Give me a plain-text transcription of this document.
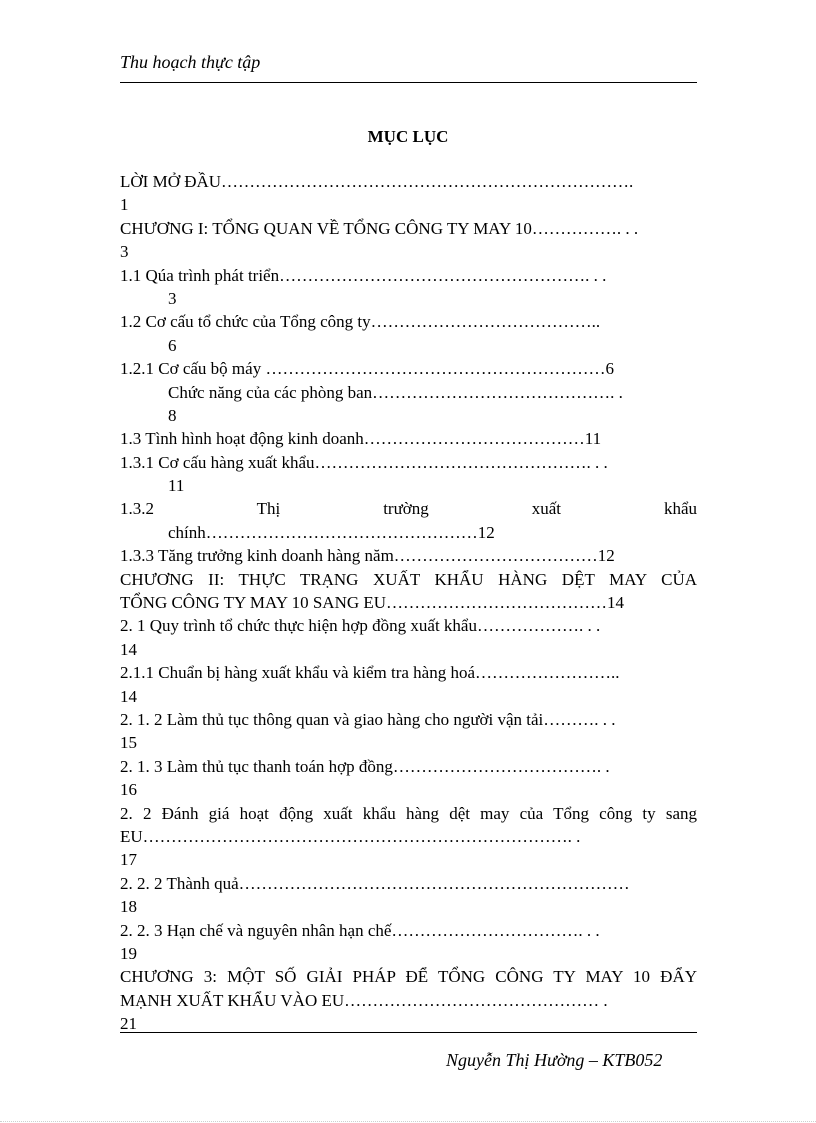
Thu hoạch thực tập
MỤC LỤC
LỜI MỞ ĐẦU……………………………………………………………….
1
CHƯƠNG I: TỔNG QUAN VỀ TỔNG CÔNG TY MAY 10……………. . .
3
1.1 Qúa trình phát triển………………………………………………. . .
3
1.2 Cơ cấu tổ chức của Tổng công ty…………………………………..
6
1.2.1 Cơ cấu bộ máy ……………………………………………………6
Chức năng của các phòng ban……………………………………. .
8
1.3 Tình hình hoạt động kinh doanh…………………………………11
1.3.1 Cơ cấu hàng xuất khẩu…………………………………………. . .
11
1.3.2 Thị trường xuất khẩu
chính…………………………………………12
1.3.3 Tăng trưởng kinh doanh hàng năm………………………………12
CHƯƠNG II: THỰC TRẠNG XUẤT KHẨU HÀNG DỆT MAY CỦA
TỔNG CÔNG TY MAY 10 SANG EU…………………………………14
2. 1 Quy trình tổ chức thực hiện hợp đồng xuất khẩu………………. . .
14
2.1.1 Chuẩn bị hàng xuất khẩu và kiểm tra hàng hoá……………………..
14
2. 1. 2 Làm thủ tục thông quan và giao hàng cho người vận tải………. . .
15
2. 1. 3 Làm thủ tục thanh toán hợp đồng………………………………. .
16
2. 2 Đánh giá hoạt động xuất khẩu hàng dệt may của Tổng công ty sang
EU…………………………………………………………………. .
17
2. 2. 2 Thành quả……………………………………………………………
18
2. 2. 3 Hạn chế và nguyên nhân hạn chế……………………………. . .
19
CHƯƠNG 3: MỘT SỐ GIẢI PHÁP ĐỂ TỔNG CÔNG TY MAY 10 ĐẨY
MẠNH XUẤT KHẨU VÀO EU……………………………………… .
21
Nguyễn Thị Hường – KTB052
